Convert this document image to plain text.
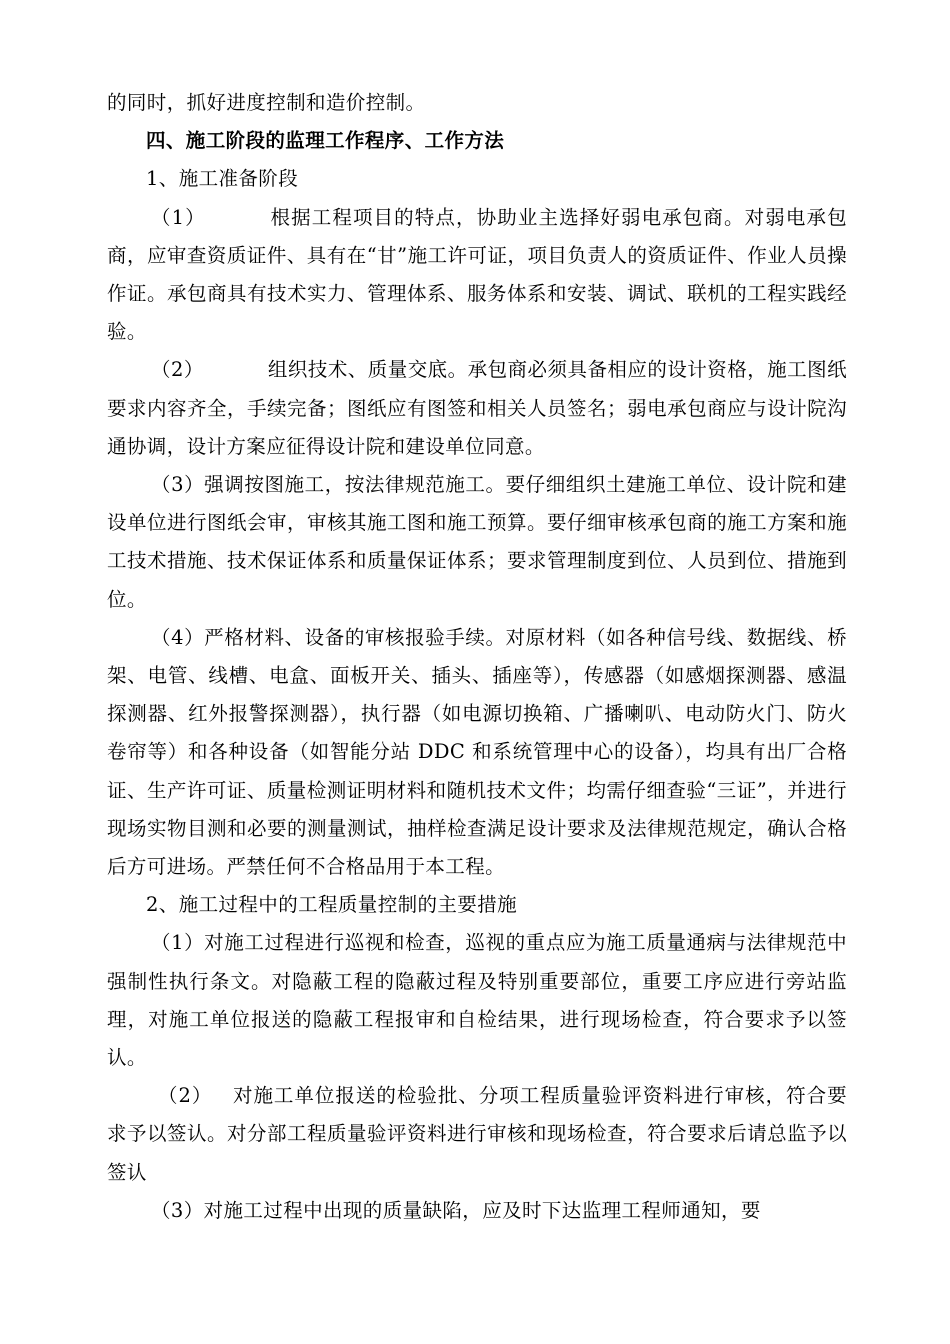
的同时，抓好进度控制和造价控制。

四、施工阶段的监理工作程序、工作方法

1、施工准备阶段

（1）	根据工程项目的特点，协助业主选择好弱电承包商。对弱电承包商，应审查资质证件、具有在“甘”施工许可证，项目负责人的资质证件、作业人员操作证。承包商具有技术实力、管理体系、服务体系和安装、调试、联机的工程实践经验。

（2）	组织技术、质量交底。承包商必须具备相应的设计资格，施工图纸要求内容齐全，手续完备；图纸应有图签和相关人员签名；弱电承包商应与设计院沟通协调，设计方案应征得设计院和建设单位同意。

（3）强调按图施工，按法律规范施工。要仔细组织土建施工单位、设计院和建设单位进行图纸会审，审核其施工图和施工预算。要仔细审核承包商的施工方案和施工技术措施、技术保证体系和质量保证体系；要求管理制度到位、人员到位、措施到位。

（4）严格材料、设备的审核报验手续。对原材料（如各种信号线、数据线、桥架、电管、线槽、电盒、面板开关、插头、插座等），传感器（如感烟探测器、感温探测器、红外报警探测器），执行器（如电源切换箱、广播喇叭、电动防火门、防火卷帘等）和各种设备（如智能分站 DDC 和系统管理中心的设备），均具有出厂合格证、生产许可证、质量检测证明材料和随机技术文件；均需仔细查验“三证”，并进行现场实物目测和必要的测量测试，抽样检查满足设计要求及法律规范规定，确认合格后方可进场。严禁任何不合格品用于本工程。

2、施工过程中的工程质量控制的主要措施

（1）对施工过程进行巡视和检查，巡视的重点应为施工质量通病与法律规范中强制性执行条文。对隐蔽工程的隐蔽过程及特别重要部位，重要工序应进行旁站监理，对施工单位报送的隐蔽工程报审和自检结果，进行现场检查，符合要求予以签认。

（2） 对施工单位报送的检验批、分项工程质量验评资料进行审核，符合要求予以签认。对分部工程质量验评资料进行审核和现场检查，符合要求后请总监予以签认

（3）对施工过程中出现的质量缺陷，应及时下达监理工程师通知，要
